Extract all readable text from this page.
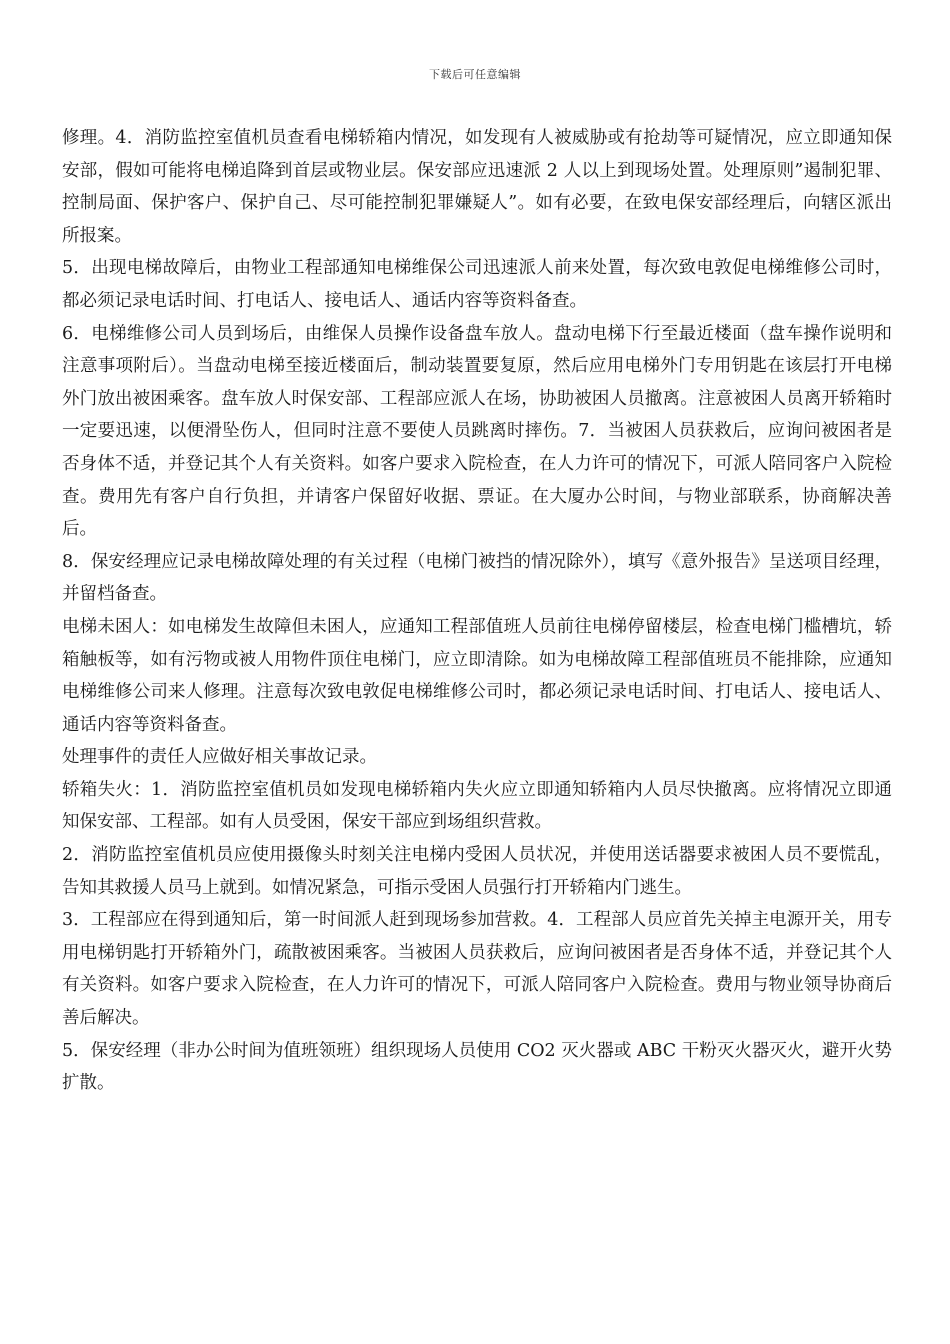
下载后可任意编辑

修理。4．消防监控室值机员查看电梯轿箱内情况，如发现有人被威胁或有抢劫等可疑情况，应立即通知保安部，假如可能将电梯追降到首层或物业层。保安部应迅速派 2 人以上到现场处置。处理原则”遏制犯罪、控制局面、保护客户、保护自己、尽可能控制犯罪嫌疑人”。如有必要，在致电保安部经理后，向辖区派出所报案。

5．出现电梯故障后，由物业工程部通知电梯维保公司迅速派人前来处置，每次致电敦促电梯维修公司时，都必须记录电话时间、打电话人、接电话人、通话内容等资料备查。

6．电梯维修公司人员到场后，由维保人员操作设备盘车放人。盘动电梯下行至最近楼面（盘车操作说明和注意事项附后）。当盘动电梯至接近楼面后，制动装置要复原，然后应用电梯外门专用钥匙在该层打开电梯外门放出被困乘客。盘车放人时保安部、工程部应派人在场，协助被困人员撤离。注意被困人员离开轿箱时一定要迅速，以便滑坠伤人，但同时注意不要使人员跳离时摔伤。7．当被困人员获救后，应询问被困者是否身体不适，并登记其个人有关资料。如客户要求入院检查，在人力许可的情况下，可派人陪同客户入院检查。费用先有客户自行负担，并请客户保留好收据、票证。在大厦办公时间，与物业部联系，协商解决善后。

8．保安经理应记录电梯故障处理的有关过程（电梯门被挡的情况除外），填写《意外报告》呈送项目经理，并留档备查。

电梯未困人：如电梯发生故障但未困人，应通知工程部值班人员前往电梯停留楼层，检查电梯门槛槽坑，轿箱触板等，如有污物或被人用物件顶住电梯门，应立即清除。如为电梯故障工程部值班员不能排除，应通知电梯维修公司来人修理。注意每次致电敦促电梯维修公司时，都必须记录电话时间、打电话人、接电话人、通话内容等资料备查。

处理事件的责任人应做好相关事故记录。

轿箱失火：1．消防监控室值机员如发现电梯轿箱内失火应立即通知轿箱内人员尽快撤离。应将情况立即通知保安部、工程部。如有人员受困，保安干部应到场组织营救。

2．消防监控室值机员应使用摄像头时刻关注电梯内受困人员状况，并使用送话器要求被困人员不要慌乱，告知其救援人员马上就到。如情况紧急，可指示受困人员强行打开轿箱内门逃生。

3．工程部应在得到通知后，第一时间派人赶到现场参加营救。4．工程部人员应首先关掉主电源开关，用专用电梯钥匙打开轿箱外门，疏散被困乘客。当被困人员获救后，应询问被困者是否身体不适，并登记其个人有关资料。如客户要求入院检查，在人力许可的情况下，可派人陪同客户入院检查。费用与物业领导协商后善后解决。

5．保安经理（非办公时间为值班领班）组织现场人员使用 CO2 灭火器或 ABC 干粉灭火器灭火，避开火势扩散。
